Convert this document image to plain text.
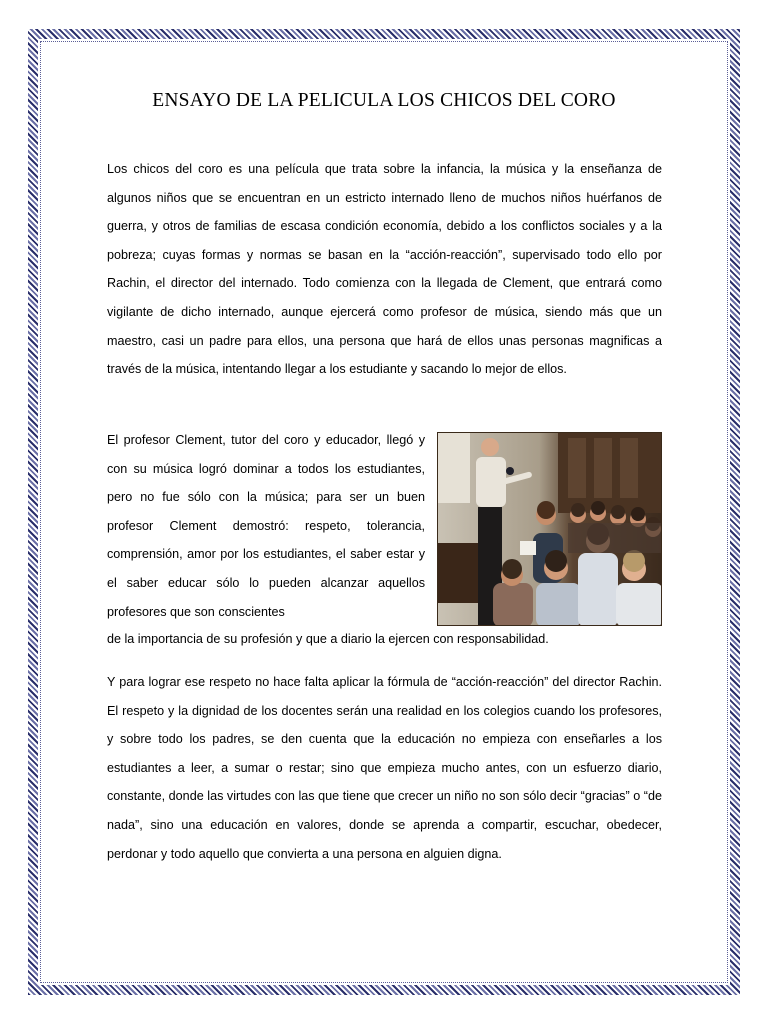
ENSAYO DE LA PELICULA LOS CHICOS DEL CORO

Los chicos del coro es una película que trata sobre la infancia, la música y la enseñanza de algunos niños que se encuentran en un estricto internado lleno de muchos niños huérfanos de guerra, y otros de familias de escasa condición economía, debido a los conflictos sociales y a la pobreza; cuyas formas y normas se basan en la “acción-reacción”, supervisado todo ello por Rachin, el director del internado. Todo comienza con la llegada de Clement, que entrará como vigilante de dicho internado, aunque ejercerá como profesor de música, siendo más que un maestro, casi un padre para ellos, una persona que hará de ellos unas personas magnificas a través de la música, intentando llegar a los estudiante y sacando lo mejor de ellos.

El profesor Clement, tutor del coro y educador, llegó y con su música logró dominar a todos los estudiantes, pero no fue sólo con la música; para ser un buen profesor Clement demostró: respeto, tolerancia, comprensión, amor por los estudiantes, el saber estar y el saber educar sólo lo pueden alcanzar aquellos profesores que son conscientes

de la importancia de su profesión y que a diario la ejercen con responsabilidad.

Y para lograr ese respeto no hace falta aplicar la fórmula de “acción-reacción” del director Rachin. El respeto y la dignidad de los docentes serán una realidad en los colegios cuando los profesores, y sobre todo los padres, se den cuenta que la educación no empieza con enseñarles a los estudiantes a leer, a sumar o restar; sino que empieza mucho antes, con un esfuerzo diario, constante, donde las virtudes con las que tiene que crecer un niño no son sólo decir “gracias” o “de nada”, sino una educación en valores, donde se aprenda a compartir, escuchar, obedecer, perdonar y todo aquello que convierta a una persona en alguien digna.
